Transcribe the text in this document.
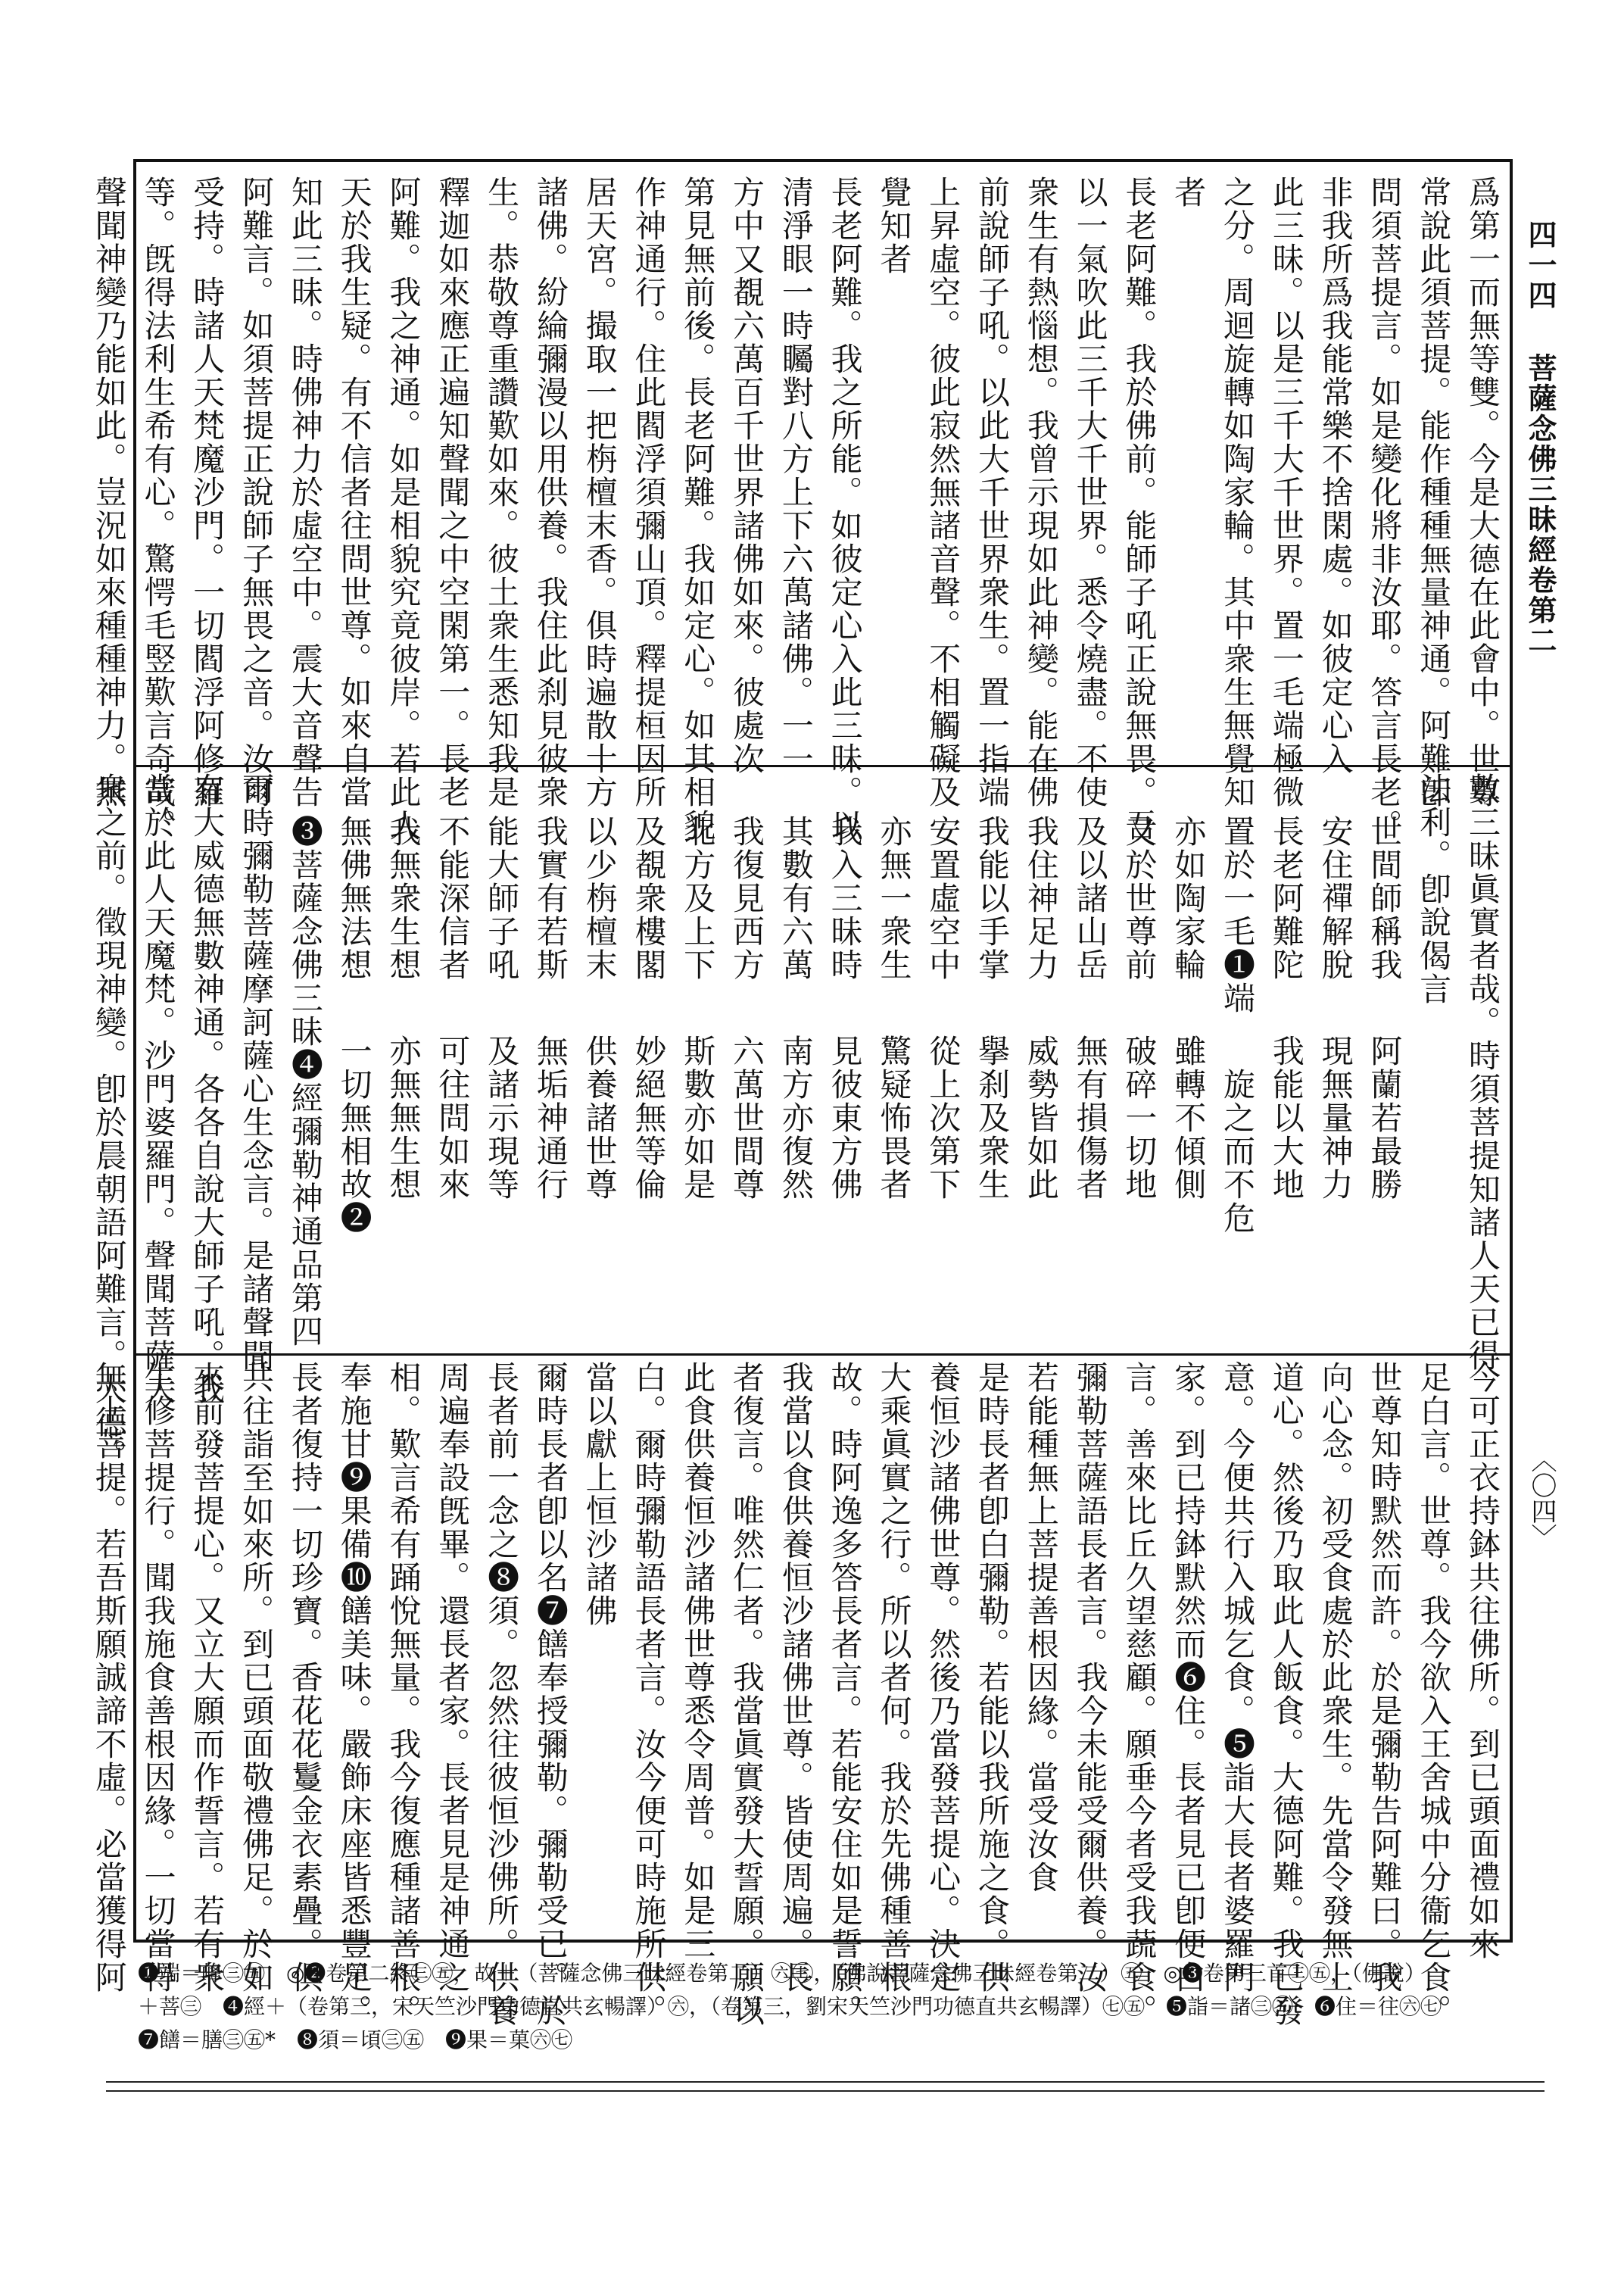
四一四 菩薩念佛三昧經卷第二
〈〇四〉
爲第一而無等雙。今是大德在此會中。世尊
常說此須菩提。能作種種無量神通。阿難卽
問須菩提言。如是變化將非汝耶。答言長老。
非我所爲我能常樂不捨閑處。如彼定心入
此三昧。以是三千大千世界。置一毛端極微
之分。周迴旋轉如陶家輪。其中衆生無覺知
者
長老阿難。我於佛前。能師子吼正說無畏。吾
以一氣吹此三千大千世界。悉令燒盡。不使
衆生有熱惱想。我曾示現如此神變。能在佛
前說師子吼。以此大千世界衆生。置一指端
上昇虛空。彼此寂然無諸音聲。不相觸礙及
覺知者
長老阿難。我之所能。如彼定心入此三昧。以
清淨眼一時矚對八方上下六萬諸佛。一一
方中又覩六萬百千世界諸佛如來。彼處次
第見無前後。長老阿難。我如定心。如其相貌
作神通行。住此閻浮須彌山頂。釋提桓因所
居天宮。撮取一把栴檀末香。俱時遍散十方
諸佛。紛綸彌漫以用供養。我住此刹見彼衆
生。恭敬尊重讚歎如來。彼土衆生悉知我是
釋迦如來應正遍知聲聞之中空閑第一。長老
阿難。我之神通。如是相貌究竟彼岸。若此人
天於我生疑。有不信者往問世尊。如來自當
知此三昧。時佛神力於虛空中。震大音聲告
阿難言。如須菩提正說師子無畏之音。汝可
受持。時諸人天梵魔沙門。一切閻浮阿修羅
等。旣得法利生希有心。驚愕毛竪歎言奇哉。
聲聞神變乃能如此。豈況如來種種神力。無
數三昧眞實者哉。時須菩提知諸人天已得
法利。卽說偈言
世間師稱我阿蘭若最勝
安住禪解脫現無量神力
長老阿難陀我能以大地
置於一毛❶端旋之而不危
亦如陶家輪雖轉不傾側
又於世尊前破碎一切地
及以諸山岳無有損傷者
我住神足力威勢皆如此
我能以手掌擧刹及衆生
安置虛空中從上次第下
亦無一衆生驚疑怖畏者
我入三昧時見彼東方佛
其數有六萬南方亦復然
我復見西方六萬世間尊
北方及上下斯數亦如是
及覩衆樓閣妙絕無等倫
以少栴檀末供養諸世尊
我實有若斯無垢神通行
能大師子吼及諸示現等
不能深信者可往問如來
我無衆生想亦無無生想
無佛無法想一切無相故❷
❸菩薩念佛三昧❹經彌勒神通品第四
爾時彌勒菩薩摩訶薩心生念言。是諸聲聞
有大威德無數神通。各各自說大師子吼。我
當於此人天魔梵。沙門婆羅門。聲聞菩薩大
衆之前。徵現神變。卽於晨朝語阿難言。大德。
今可正衣持鉢共往佛所。到已頭面禮如來
足白言。世尊。我今欲入王舍城中分衞乞食。
世尊知時默然而許。於是彌勒告阿難曰。我
向心念。初受食處於此衆生。先當令發無上
道心。然後乃取此人飯食。大德阿難。我已發
意。今便共行入城乞食。❺詣大長者婆羅門
家。到已持鉢默然而❻住。長者見已卽便白
言。善來比丘久望慈顧。願垂今者受我蔬食。
彌勒菩薩語長者言。我今未能受爾供養。汝
若能種無上菩提善根因緣。當受汝食
是時長者卽白彌勒。若能以我所施之食。供
養恒沙諸佛世尊。然後乃當發菩提心。決定
大乘眞實之行。所以者何。我於先佛種善根
故。時阿逸多答長者言。若能安住如是誓願。
我當以食供養恒沙諸佛世尊。皆使周遍。長
者復言。唯然仁者。我當眞實發大誓願。願以
此食供養恒沙諸佛世尊悉令周普。如是三
白。爾時彌勒語長者言。汝今便可時施所供。
當以獻上恒沙諸佛
爾時長者卽以名❼饍奉授彌勒。彌勒受已。於
長者前一念之❽須。忽然往彼恒沙佛所。供養
周遍奉設旣畢。還長者家。長者見是神通之
相。歎言希有踊悅無量。我今復應種諸善根。
奉施甘❾果備❿饍美味。嚴飾床座皆悉豐足。
長者復持一切珍寶。香花花鬘金衣素疊。俱
共往詣至如來所。到已頭面敬禮佛足。於如
來前發菩提心。又立大願而作誓言。若有衆
生修菩提行。聞我施食善根因緣。一切當得
無上菩提。若吾斯願誠諦不虛。必當獲得阿 ❶端＝峰㊂㊄　◎❷卷第二終㊂㊄，故＋（菩薩念佛三昧經卷第二）㊅㊆，（佛說菩薩念佛三昧經卷第二）㊄　◎❸卷第三首㊂㊄，（佛說）
＋菩㊂　❹經＋（卷第三，宋天竺沙門功德直共玄暢譯）㊅，（卷第三，劉宋天竺沙門功德直共玄暢譯）㊆㊄　❺詣＝諸㊂㊄　❻住＝往㊅㊆
❼饍＝膳㊂㊄*　❽須＝頃㊂㊄　❾果＝菓㊅㊆
